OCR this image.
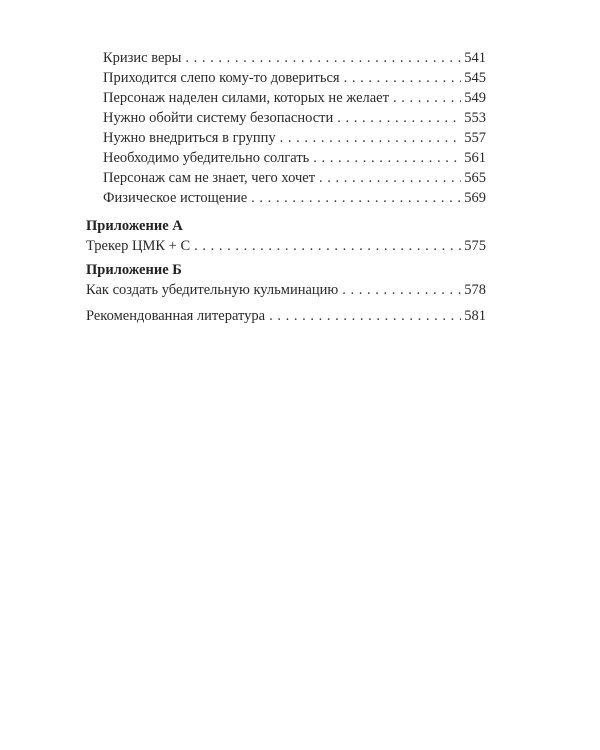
Кризис веры . . .	541
Приходится слепо кому-то довериться . . .	545
Персонаж наделен силами, которых не желает . . .	549
Нужно обойти систему безопасности . . .	553
Нужно внедриться в группу . . .	557
Необходимо убедительно солгать . . .	561
Персонаж сам не знает, чего хочет . . .	565
Физическое истощение . . .	569
Приложение А
Трекер ЦМК + С . . .	575
Приложение Б
Как создать убедительную кульминацию . . .	578
Рекомендованная литература . . .	581
